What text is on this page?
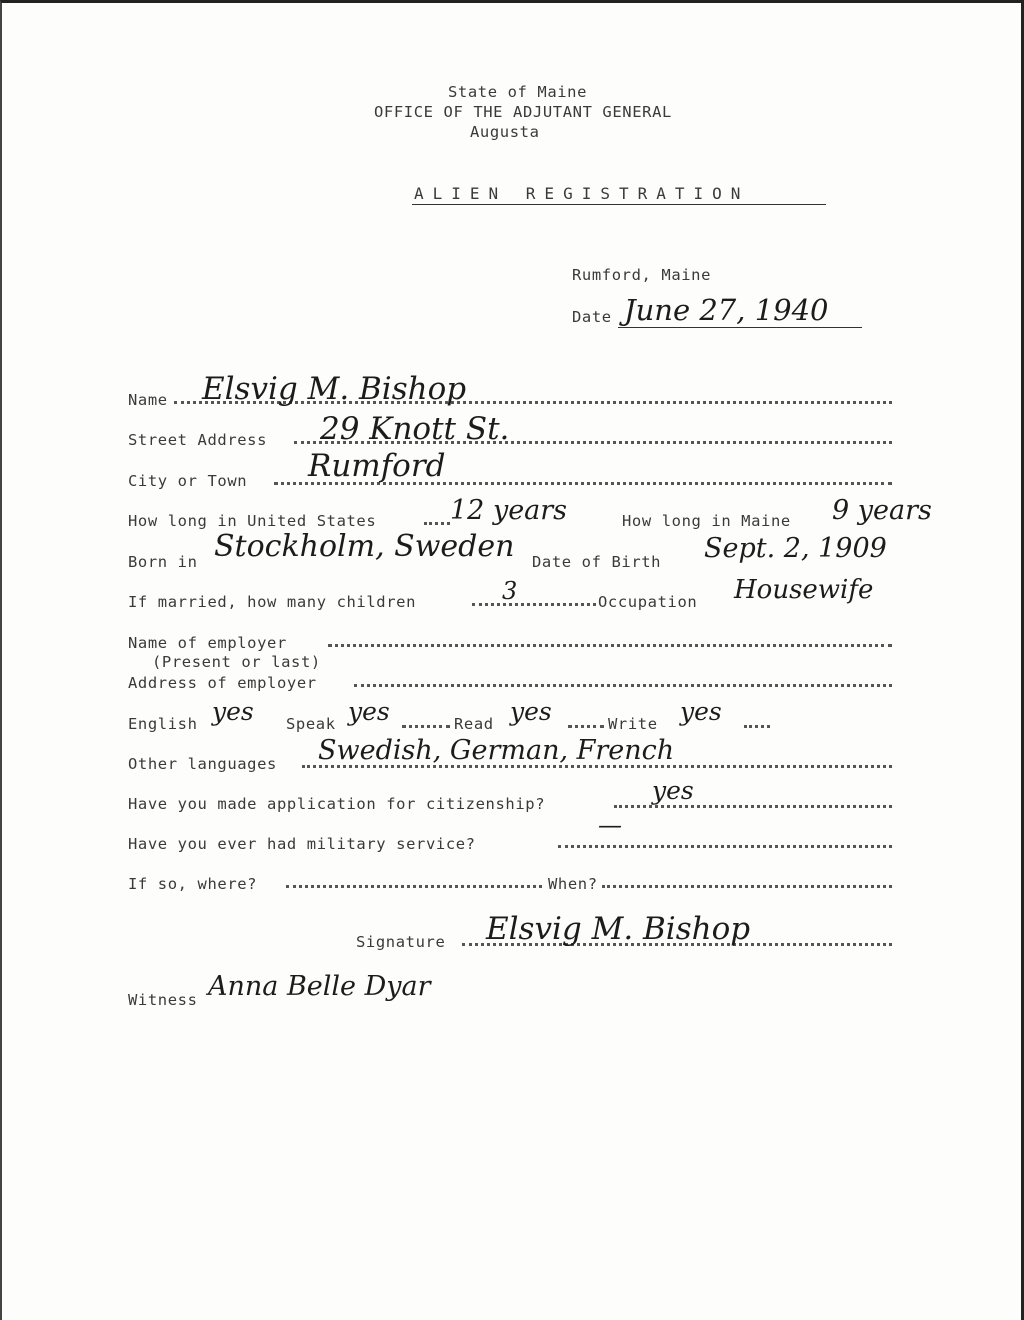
State of Maine
OFFICE OF THE ADJUTANT GENERAL
Augusta
ALIEN REGISTRATION
Rumford, Maine
Date June 27, 1940
Name Elsvig M. Bishop
Street Address 29 Knott St.
City or Town Rumford
How long in United States	12 years	How long in Maine 9 years
Born in Stockholm, Sweden Date of Birth Sept. 2, 1909
If married, how many children	3	Occupation Housewife
Name of employer
(Present or last)
Address of employer
English yes Speak yes	Read yes	Write yes
Other languages Swedish, German, French
Have you made application for citizenship?	yes
Have you ever had military service?
—
If so, where?	When?
Signature Elsvig M. Bishop
Witness Anna Belle Dyar
